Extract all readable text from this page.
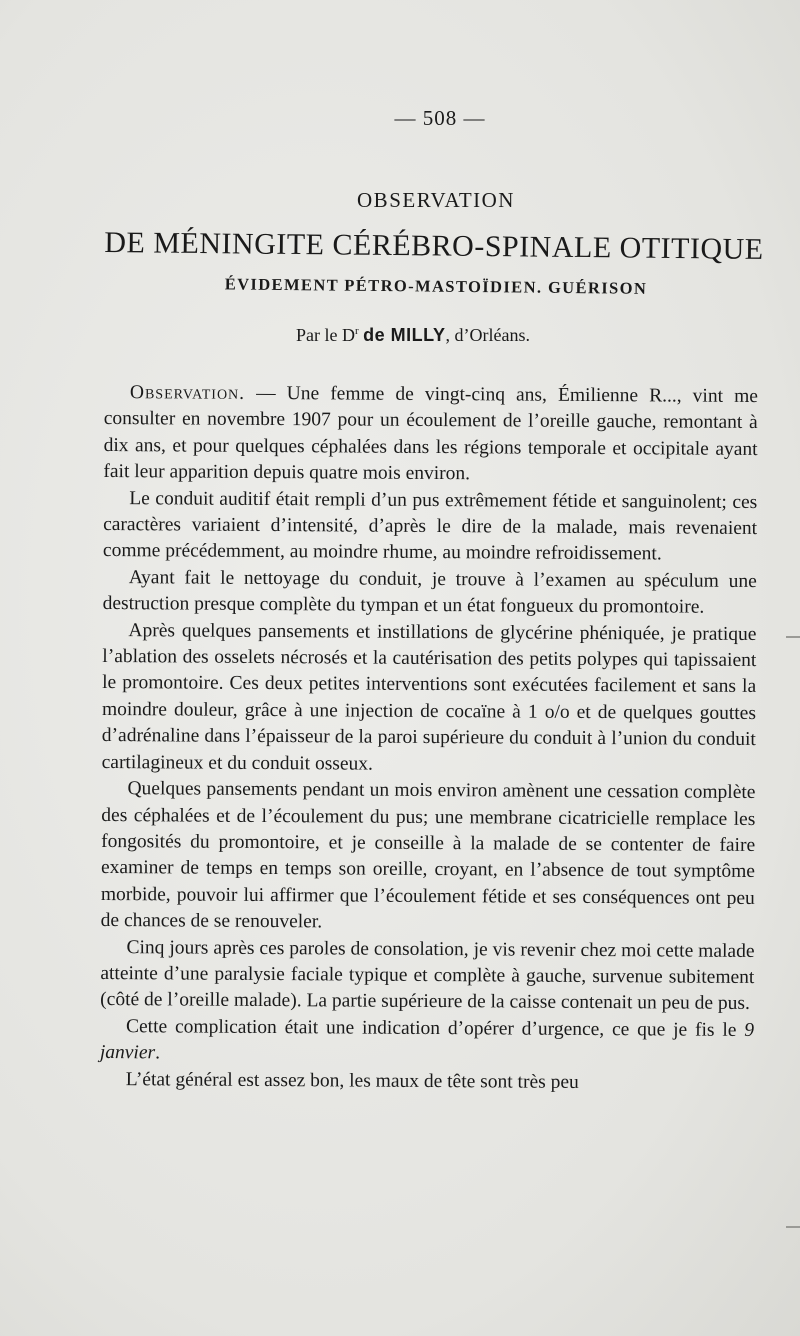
— 508 —
OBSERVATION
DE MÉNINGITE CÉRÉBRO-SPINALE OTITIQUE
ÉVIDEMENT PÉTRO-MASTOÏDIEN. GUÉRISON
Par le $D^r$ de MILLY, d’Orléans.

Observation. — Une femme de vingt-cinq ans, Émilienne R..., vint me consulter en novembre 1907 pour un écoulement de l’oreille gauche, remontant à dix ans, et pour quelques céphalées dans les régions temporale et occipitale ayant fait leur apparition depuis quatre mois environ.

Le conduit auditif était rempli d’un pus extrêmement fétide et sanguinolent; ces caractères variaient d’intensité, d’après le dire de la malade, mais revenaient comme précédemment, au moindre rhume, au moindre refroidissement.

Ayant fait le nettoyage du conduit, je trouve à l’examen au spéculum une destruction presque complète du tympan et un état fongueux du promontoire.

Après quelques pansements et instillations de glycérine phéniquée, je pratique l’ablation des osselets nécrosés et la cautérisation des petits polypes qui tapissaient le promontoire. Ces deux petites interventions sont exécutées facilement et sans la moindre douleur, grâce à une injection de cocaïne à 1 o/o et de quelques gouttes d’adrénaline dans l’épaisseur de la paroi supérieure du conduit à l’union du conduit cartilagineux et du conduit osseux.

Quelques pansements pendant un mois environ amènent une cessation complète des céphalées et de l’écoulement du pus; une membrane cicatricielle remplace les fongosités du promontoire, et je conseille à la malade de se contenter de faire examiner de temps en temps son oreille, croyant, en l’absence de tout symptôme morbide, pouvoir lui affirmer que l’écoulement fétide et ses conséquences ont peu de chances de se renouveler.

Cinq jours après ces paroles de consolation, je vis revenir chez moi cette malade atteinte d’une paralysie faciale typique et complète à gauche, survenue subitement (côté de l’oreille malade). La partie supérieure de la caisse contenait un peu de pus.

Cette complication était une indication d’opérer d’urgence, ce que je fis le 9 janvier.

L’état général est assez bon, les maux de tête sont très peu
